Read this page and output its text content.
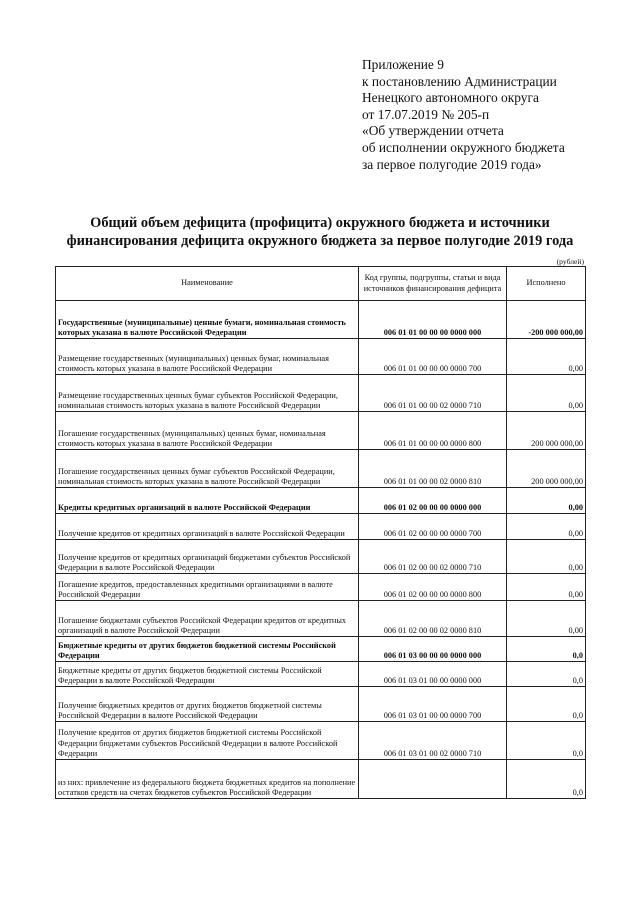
Приложение 9
к постановлению Администрации
Ненецкого автономного округа
от 17.07.2019 № 205-п
«Об утверждении отчета
об исполнении окружного бюджета
за первое полугодие 2019 года»
Общий объем дефицита (профицита) окружного бюджета и источники
финансирования дефицита окружного бюджета за первое полугодие 2019 года
(рублей)
Наименование	Код группы, подгруппы, статьи и вида источников финансирования дефицита	Исполнено
Государственные (муниципальные) ценные бумаги, номинальная стоимость которых указана в валюте Российской Федерации	006 01 01 00 00 00 0000 000	-200 000 000,00
Размещение государственных (муниципальных) ценных бумаг, номинальная стоимость которых указана в валюте Российской Федерации	006 01 01 00 00 00 0000 700	0,00
Размещение государственных ценных бумаг субъектов Российской Федерации, номинальная стоимость которых указана в валюте Российской Федерации	006 01 01 00 00 02 0000 710	0,00
Погашение государственных (муниципальных) ценных бумаг, номинальная стоимость которых указана в валюте Российской Федерации	006 01 01 00 00 00 0000 800	200 000 000,00
Погашение государственных ценных бумаг субъектов Российской Федерации, номинальная стоимость которых указана в валюте Российской Федерации	006 01 01 00 00 02 0000 810	200 000 000,00
Кредиты кредитных организаций в валюте Российской Федерации	006 01 02 00 00 00 0000 000	0,00
Получение кредитов от кредитных организаций в валюте Российской Федерации	006 01 02 00 00 00 0000 700	0,00
Получение кредитов от кредитных организаций бюджетами субъектов Российской Федерации в валюте Российской Федерации	006 01 02 00 00 02 0000 710	0,00
Погашение кредитов, предоставленных кредитными организациями в валюте Российской Федерации	006 01 02 00 00 00 0000 800	0,00
Погашение бюджетами субъектов Российской Федерации кредитов от кредитных организаций в валюте Российской Федерации	006 01 02 00 00 02 0000 810	0,00
Бюджетные кредиты от других бюджетов бюджетной системы Российской Федерации	006 01 03 00 00 00 0000 000	0,0
Бюджетные кредиты от других бюджетов бюджетной системы Российской Федерации в валюте Российской Федерации	006 01 03 01 00 00 0000 000	0,0
Получение бюджетных кредитов от других бюджетов бюджетной системы Российской Федерации в валюте Российской Федерации	006 01 03 01 00 00 0000 700	0,0
Получение кредитов от других бюджетов бюджетной системы Российской Федерации бюджетами субъектов Российской Федерации в валюте Российской Федерации	006 01 03 01 00 02 0000 710	0,0
из них: привлечение из федерального бюджета бюджетных кредитов на пополнение остатков средств на счетах бюджетов субъектов Российской Федерации		0,0
